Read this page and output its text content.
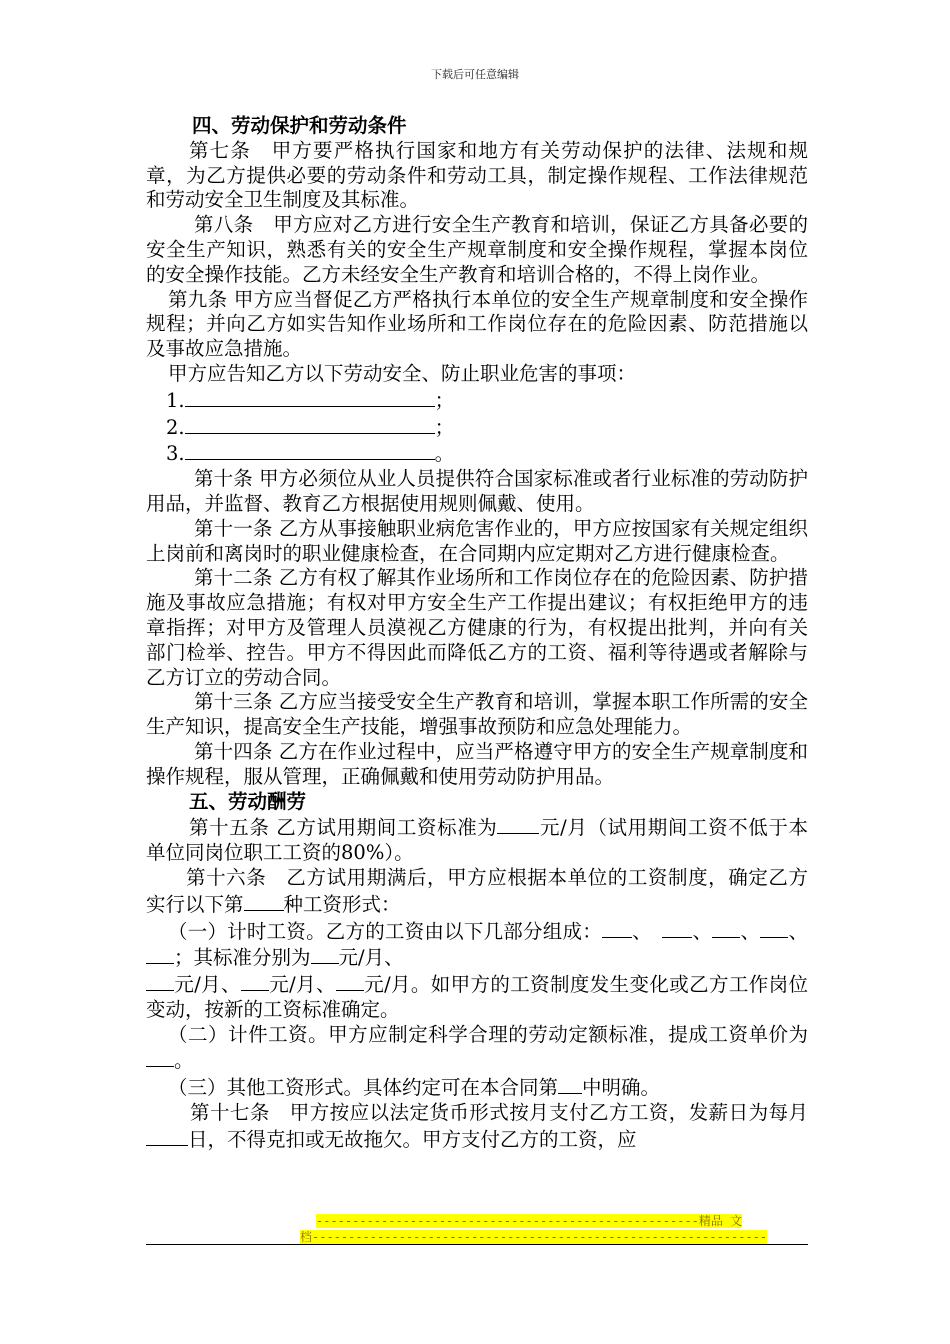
下载后可任意编辑

四、劳动保护和劳动条件

第七条　甲方要严格执行国家和地方有关劳动保护的法律、法规和规章，为乙方提供必要的劳动条件和劳动工具，制定操作规程、工作法律规范和劳动安全卫生制度及其标准。

第八条　甲方应对乙方进行安全生产教育和培训，保证乙方具备必要的安全生产知识，熟悉有关的安全生产规章制度和安全操作规程，掌握本岗位的安全操作技能。乙方未经安全生产教育和培训合格的，不得上岗作业。

第九条 甲方应当督促乙方严格执行本单位的安全生产规章制度和安全操作规程；并向乙方如实告知作业场所和工作岗位存在的危险因素、防范措施以及事故应急措施。

甲方应告知乙方以下劳动安全、防止职业危害的事项：

1.	；

2.	；

3.	。

第十条 甲方必须位从业人员提供符合国家标准或者行业标准的劳动防护用品，并监督、教育乙方根据使用规则佩戴、使用。

第十一条 乙方从事接触职业病危害作业的，甲方应按国家有关规定组织上岗前和离岗时的职业健康检查，在合同期内应定期对乙方进行健康检查。

第十二条 乙方有权了解其作业场所和工作岗位存在的危险因素、防护措施及事故应急措施；有权对甲方安全生产工作提出建议；有权拒绝甲方的违章指挥；对甲方及管理人员漠视乙方健康的行为，有权提出批判，并向有关部门检举、控告。甲方不得因此而降低乙方的工资、福利等待遇或者解除与乙方订立的劳动合同。

第十三条 乙方应当接受安全生产教育和培训，掌握本职工作所需的安全生产知识，提高安全生产技能，增强事故预防和应急处理能力。

第十四条 乙方在作业过程中，应当严格遵守甲方的安全生产规章制度和操作规程，服从管理，正确佩戴和使用劳动防护用品。

五、劳动酬劳

第十五条 乙方试用期间工资标准为 元/月（试用期间工资不低于本单位同岗位职工工资的80%）。

第十六条　乙方试用期满后，甲方应根据本单位的工资制度，确定乙方实行以下第 种工资形式：

（一）计时工资。乙方的工资由以下几部分组成： 、 、 、 、；其标准分别为 元/月、
元/月、 元/月、 元/月。如甲方的工资制度发生变化或乙方工作岗位变动，按新的工资标准确定。

（二）计件工资。甲方应制定科学合理的劳动定额标准，提成工资单价为。

（三）其他工资形式。具体约定可在本合同第 中明确。

第十七条　甲方按应以法定货币形式按月支付乙方工资，发薪日为每月日，不得克扣或无故拖欠。甲方支付乙方的工资，应

-----------------------------------------------------精品 文
档---------------------------------------------------------------
